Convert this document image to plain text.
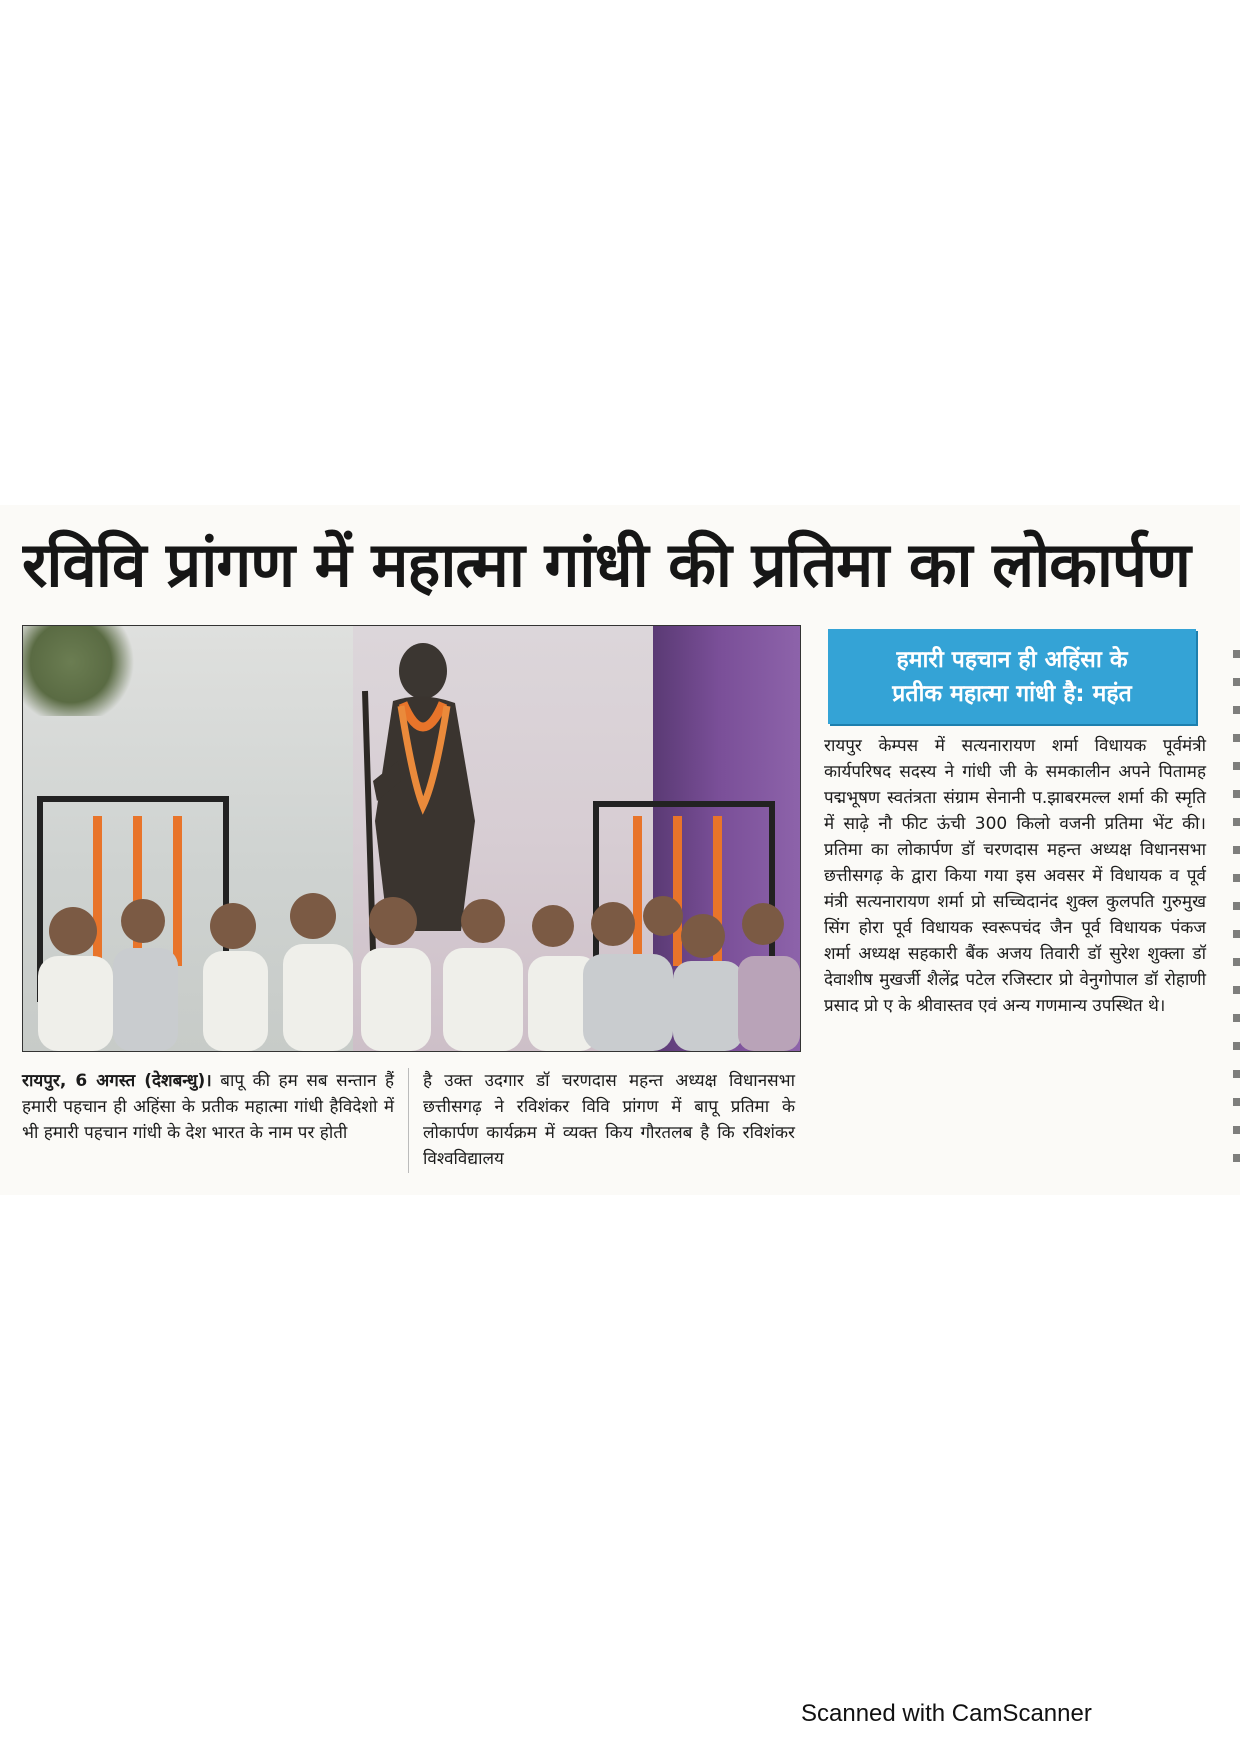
रविवि प्रांगण में महात्मा गांधी की प्रतिमा का लोकार्पण
हमारी पहचान ही अहिंसा के
प्रतीक महात्मा गांधी है: महंत

रायपुर, 6 अगस्त (देशबन्धु)। बापू की हम सब सन्तान हैं हमारी पहचान ही अहिंसा के प्रतीक महात्मा गांधी हैविदेशो में भी हमारी पहचान गांधी के देश भारत के नाम पर होती

है उक्त उदगार डॉ चरणदास महन्त अध्यक्ष विधानसभा छत्तीसगढ़ ने रविशंकर विवि प्रांगण में बापू प्रतिमा के लोकार्पण कार्यक्रम में व्यक्त किय गौरतलब है कि रविशंकर विश्वविद्यालय

रायपुर केम्पस में सत्यनारायण शर्मा विधायक पूर्वमंत्री कार्यपरिषद सदस्य ने गांधी जी के समकालीन अपने पितामह पद्मभूषण स्वतंत्रता संग्राम सेनानी प.झाबरमल्ल शर्मा की स्मृति में साढ़े नौ फीट ऊंची 300 किलो वजनी प्रतिमा भेंट की। प्रतिमा का लोकार्पण डॉ चरणदास महन्त अध्यक्ष विधानसभा छत्तीसगढ़ के द्वारा किया गया इस अवसर में विधायक व पूर्व मंत्री सत्यनारायण शर्मा प्रो सच्चिदानंद शुक्ल कुलपति गुरुमुख सिंग होरा पूर्व विधायक स्वरूपचंद जैन पूर्व विधायक पंकज शर्मा अध्यक्ष सहकारी बैंक अजय तिवारी डॉ सुरेश शुक्ला डॉ देवाशीष मुखर्जी शैलेंद्र पटेल रजिस्टार प्रो वेनुगोपाल डॉ रोहाणी प्रसाद प्रो ए के श्रीवास्तव एवं अन्य गणमान्य उपस्थित थे।

Scanned with CamScanner
